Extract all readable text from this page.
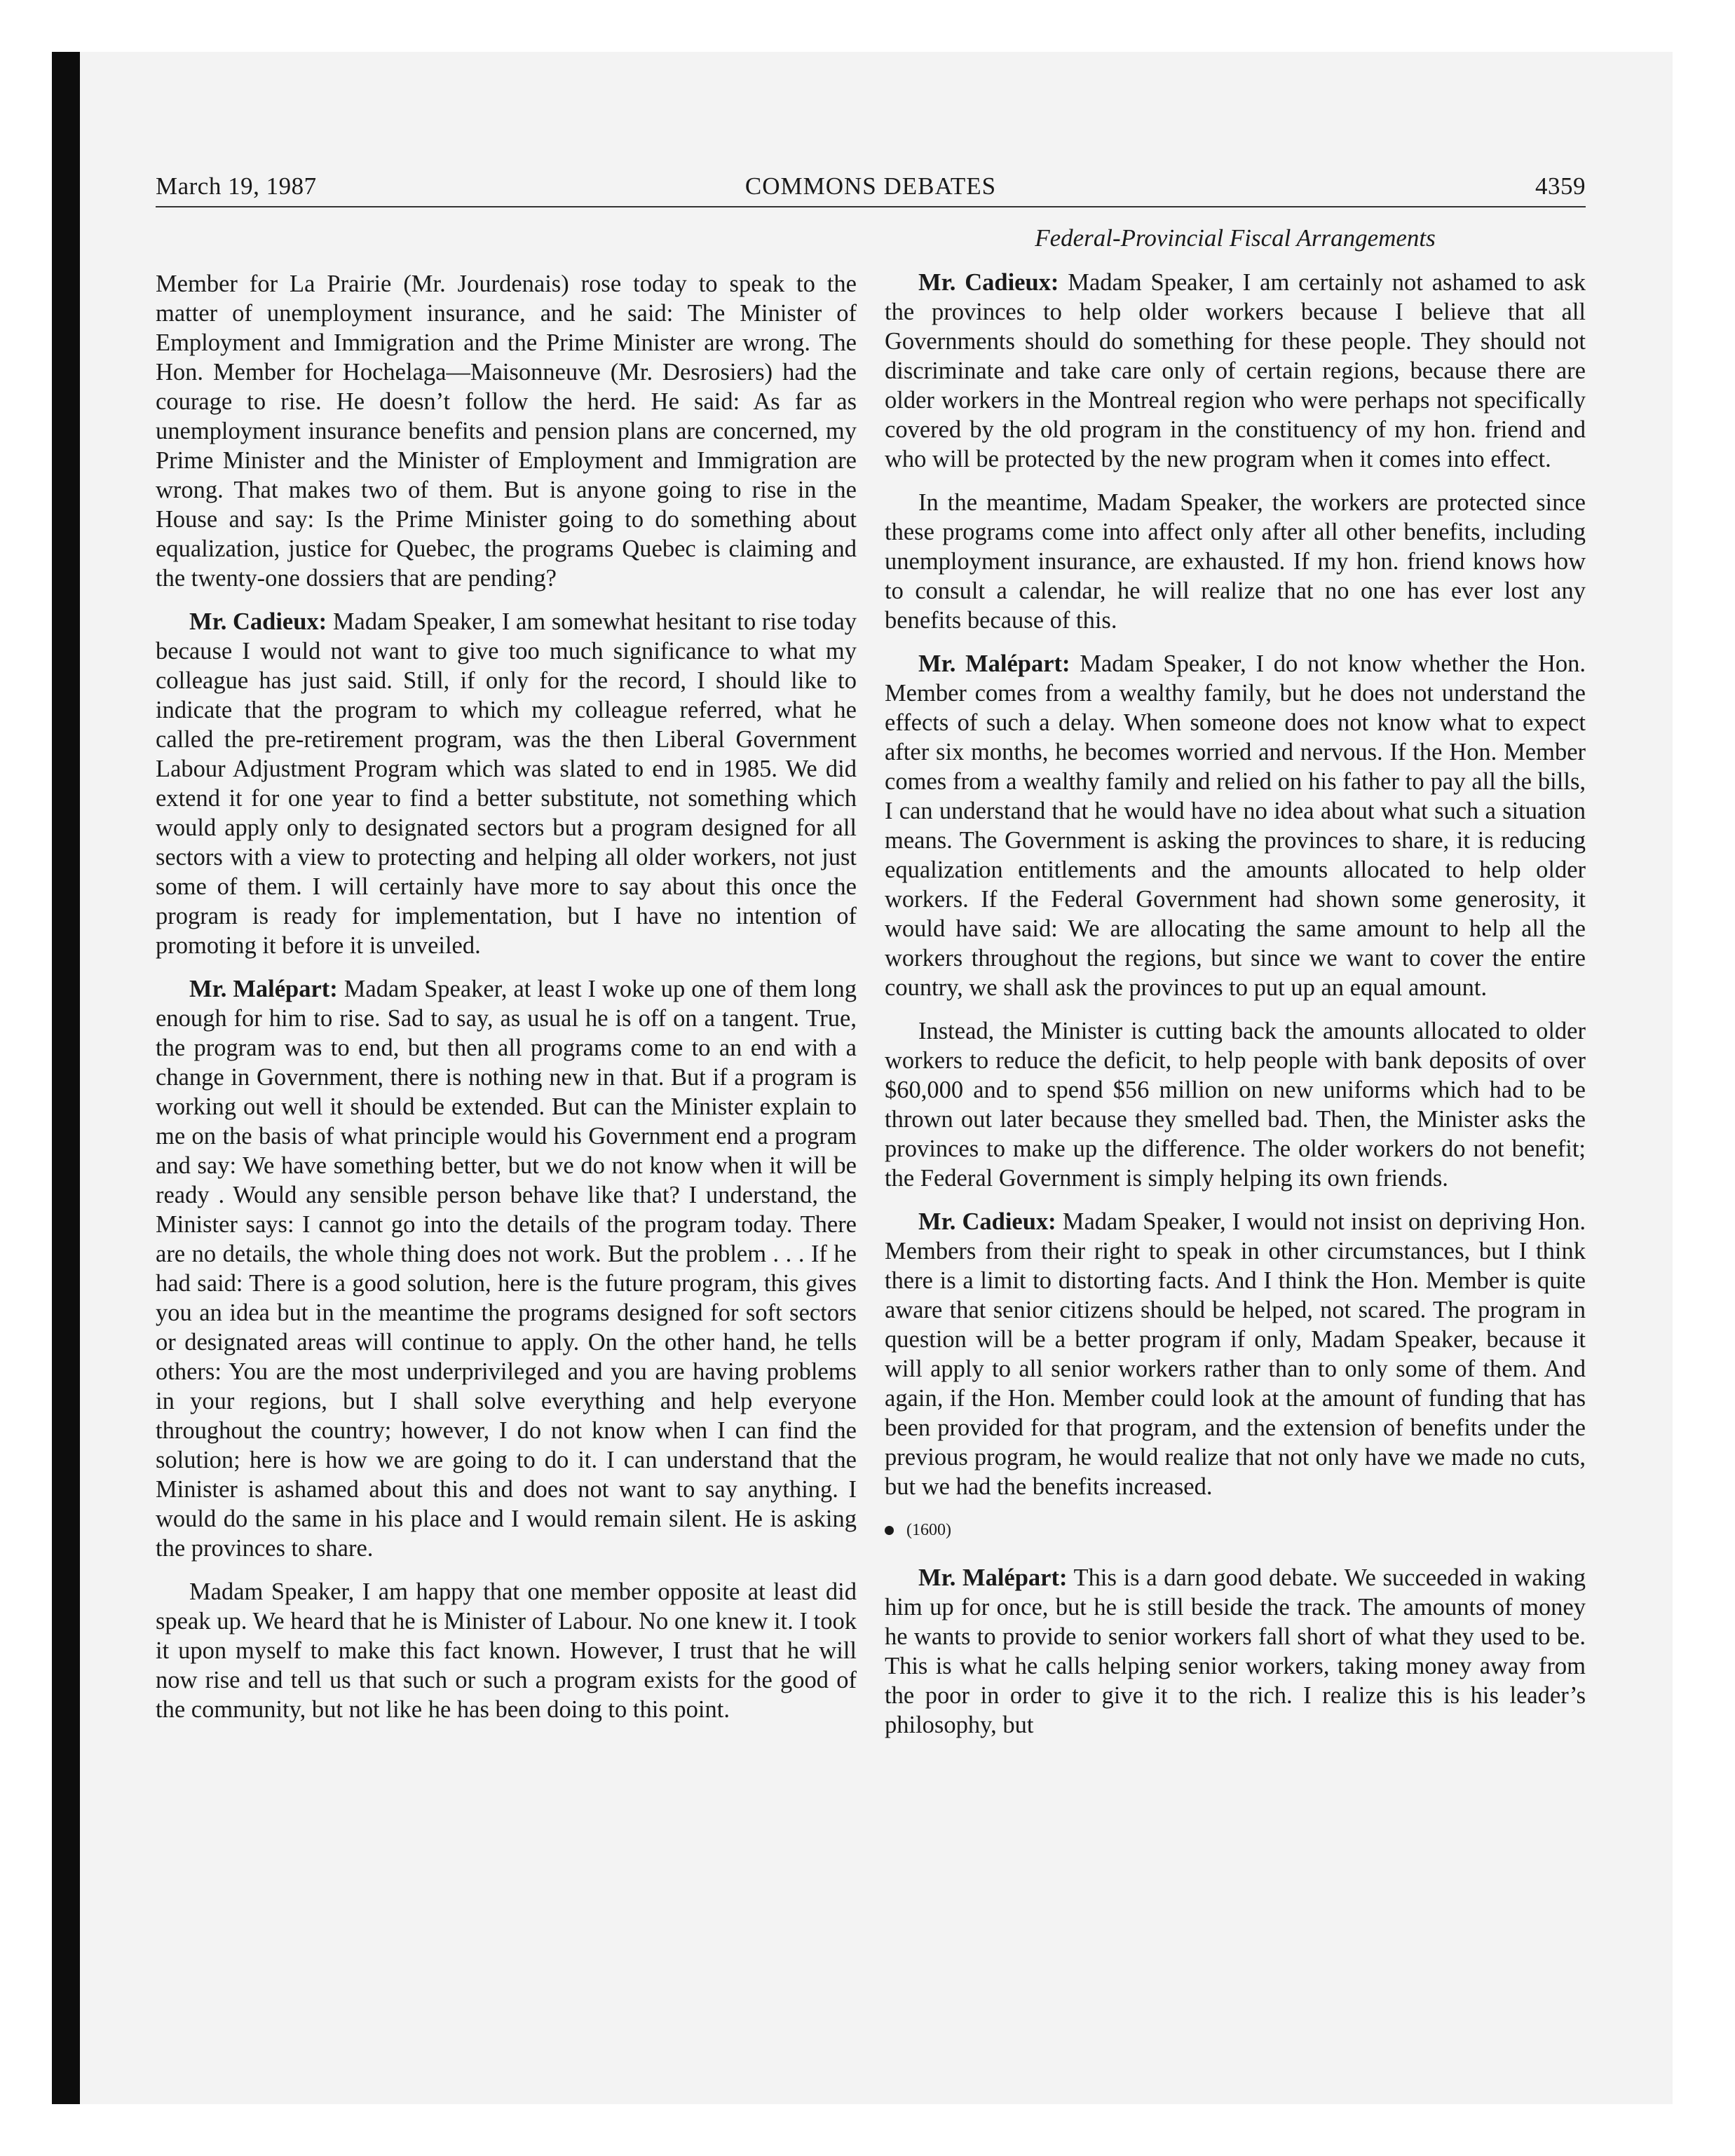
March 19, 1987	COMMONS DEBATES	4359
Federal-Provincial Fiscal Arrangements

Member for La Prairie (Mr. Jourdenais) rose today to speak to the matter of unemployment insurance, and he said: The Minister of Employment and Immigration and the Prime Minister are wrong. The Hon. Member for Hochelaga—Maisonneuve (Mr. Desrosiers) had the courage to rise. He doesn’t follow the herd. He said: As far as unemployment insurance benefits and pension plans are concerned, my Prime Minister and the Minister of Employment and Immigration are wrong. That makes two of them. But is anyone going to rise in the House and say: Is the Prime Minister going to do something about equalization, justice for Quebec, the programs Quebec is claiming and the twenty-one dossiers that are pending?

Mr. Cadieux: Madam Speaker, I am somewhat hesitant to rise today because I would not want to give too much significance to what my colleague has just said. Still, if only for the record, I should like to indicate that the program to which my colleague referred, what he called the pre-retirement program, was the then Liberal Government Labour Adjustment Program which was slated to end in 1985. We did extend it for one year to find a better substitute, not something which would apply only to designated sectors but a program designed for all sectors with a view to protecting and helping all older workers, not just some of them. I will certainly have more to say about this once the program is ready for implementation, but I have no intention of promoting it before it is unveiled.

Mr. Malépart: Madam Speaker, at least I woke up one of them long enough for him to rise. Sad to say, as usual he is off on a tangent. True, the program was to end, but then all programs come to an end with a change in Government, there is nothing new in that. But if a program is working out well it should be extended. But can the Minister explain to me on the basis of what principle would his Government end a program and say: We have something better, but we do not know when it will be ready . Would any sensible person behave like that? I understand, the Minister says: I cannot go into the details of the program today. There are no details, the whole thing does not work. But the problem . . . If he had said: There is a good solution, here is the future program, this gives you an idea but in the meantime the programs designed for soft sectors or designated areas will continue to apply. On the other hand, he tells others: You are the most underprivileged and you are having problems in your regions, but I shall solve everything and help everyone throughout the country; however, I do not know when I can find the solution; here is how we are going to do it. I can understand that the Minister is ashamed about this and does not want to say anything. I would do the same in his place and I would remain silent. He is asking the provinces to share.

Madam Speaker, I am happy that one member opposite at least did speak up. We heard that he is Minister of Labour. No one knew it. I took it upon myself to make this fact known. However, I trust that he will now rise and tell us that such or such a program exists for the good of the community, but not like he has been doing to this point.

Mr. Cadieux: Madam Speaker, I am certainly not ashamed to ask the provinces to help older workers because I believe that all Governments should do something for these people. They should not discriminate and take care only of certain regions, because there are older workers in the Montreal region who were perhaps not specifically covered by the old program in the constituency of my hon. friend and who will be protected by the new program when it comes into effect.

In the meantime, Madam Speaker, the workers are protected since these programs come into affect only after all other benefits, including unemployment insurance, are exhausted. If my hon. friend knows how to consult a calendar, he will realize that no one has ever lost any benefits because of this.

Mr. Malépart: Madam Speaker, I do not know whether the Hon. Member comes from a wealthy family, but he does not understand the effects of such a delay. When someone does not know what to expect after six months, he becomes worried and nervous. If the Hon. Member comes from a wealthy family and relied on his father to pay all the bills, I can understand that he would have no idea about what such a situation means. The Government is asking the provinces to share, it is reducing equalization entitlements and the amounts allocated to help older workers. If the Federal Government had shown some generosity, it would have said: We are allocating the same amount to help all the workers throughout the regions, but since we want to cover the entire country, we shall ask the provinces to put up an equal amount.

Instead, the Minister is cutting back the amounts allocated to older workers to reduce the deficit, to help people with bank deposits of over $60,000 and to spend $56 million on new uniforms which had to be thrown out later because they smelled bad. Then, the Minister asks the provinces to make up the difference. The older workers do not benefit; the Federal Government is simply helping its own friends.

Mr. Cadieux: Madam Speaker, I would not insist on depriving Hon. Members from their right to speak in other circumstances, but I think there is a limit to distorting facts. And I think the Hon. Member is quite aware that senior citizens should be helped, not scared. The program in question will be a better program if only, Madam Speaker, because it will apply to all senior workers rather than to only some of them. And again, if the Hon. Member could look at the amount of funding that has been provided for that program, and the extension of benefits under the previous program, he would realize that not only have we made no cuts, but we had the benefits increased.

(1600)

Mr. Malépart: This is a darn good debate. We succeeded in waking him up for once, but he is still beside the track. The amounts of money he wants to provide to senior workers fall short of what they used to be. This is what he calls helping senior workers, taking money away from the poor in order to give it to the rich. I realize this is his leader’s philosophy, but
